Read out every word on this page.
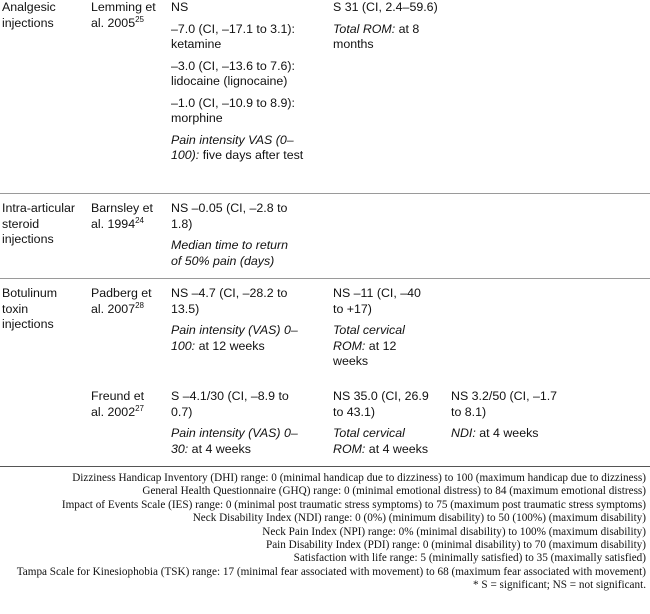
Analgesic injections

Lemming et al. 2005$^{25}$

NS

–7.0 (CI, –17.1 to 3.1): ketamine

–3.0 (CI, –13.6 to 7.6): lidocaine (lignocaine)

–1.0 (CI, –10.9 to 8.9): morphine

Pain intensity VAS (0–100): five days after test

S 31 (CI, 2.4–59.6)

Total ROM: at 8 months

Intra-articular steroid injections

Barnsley et al. 1994$^{24}$

NS –0.05 (CI, –2.8 to 1.8)

Median time to return of 50% pain (days)

Botulinum toxin injections

Padberg et al. 2007$^{28}$

NS –4.7 (CI, –28.2 to 13.5)

Pain intensity (VAS) 0–100: at 12 weeks

NS –11 (CI, –40 to +17)

Total cervical ROM: at 12 weeks

Freund et al. 2002$^{27}$

S –4.1/30 (CI, –8.9 to 0.7)

Pain intensity (VAS) 0–30: at 4 weeks

NS 35.0 (CI, 26.9 to 43.1)

Total cervical ROM: at 4 weeks

NS 3.2/50 (CI, –1.7 to 8.1)

NDI: at 4 weeks

Dizziness Handicap Inventory (DHI) range: 0 (minimal handicap due to dizziness) to 100 (maximum handicap due to dizziness)
General Health Questionnaire (GHQ) range: 0 (minimal emotional distress) to 84 (maximum emotional distress)
Impact of Events Scale (IES) range: 0 (minimal post traumatic stress symptoms) to 75 (maximum post traumatic stress symptoms)
Neck Disability Index (NDI) range: 0 (0%) (minimum disability) to 50 (100%) (maximum disability)
Neck Pain Index (NPI) range: 0% (minimal disability) to 100% (maximum disability)
Pain Disability Index (PDI) range: 0 (minimal disability) to 70 (maximum disability)
Satisfaction with life range: 5 (minimally satisfied) to 35 (maximally satisfied)
Tampa Scale for Kinesiophobia (TSK) range: 17 (minimal fear associated with movement) to 68 (maximum fear associated with movement)
* S = significant; NS = not significant.
